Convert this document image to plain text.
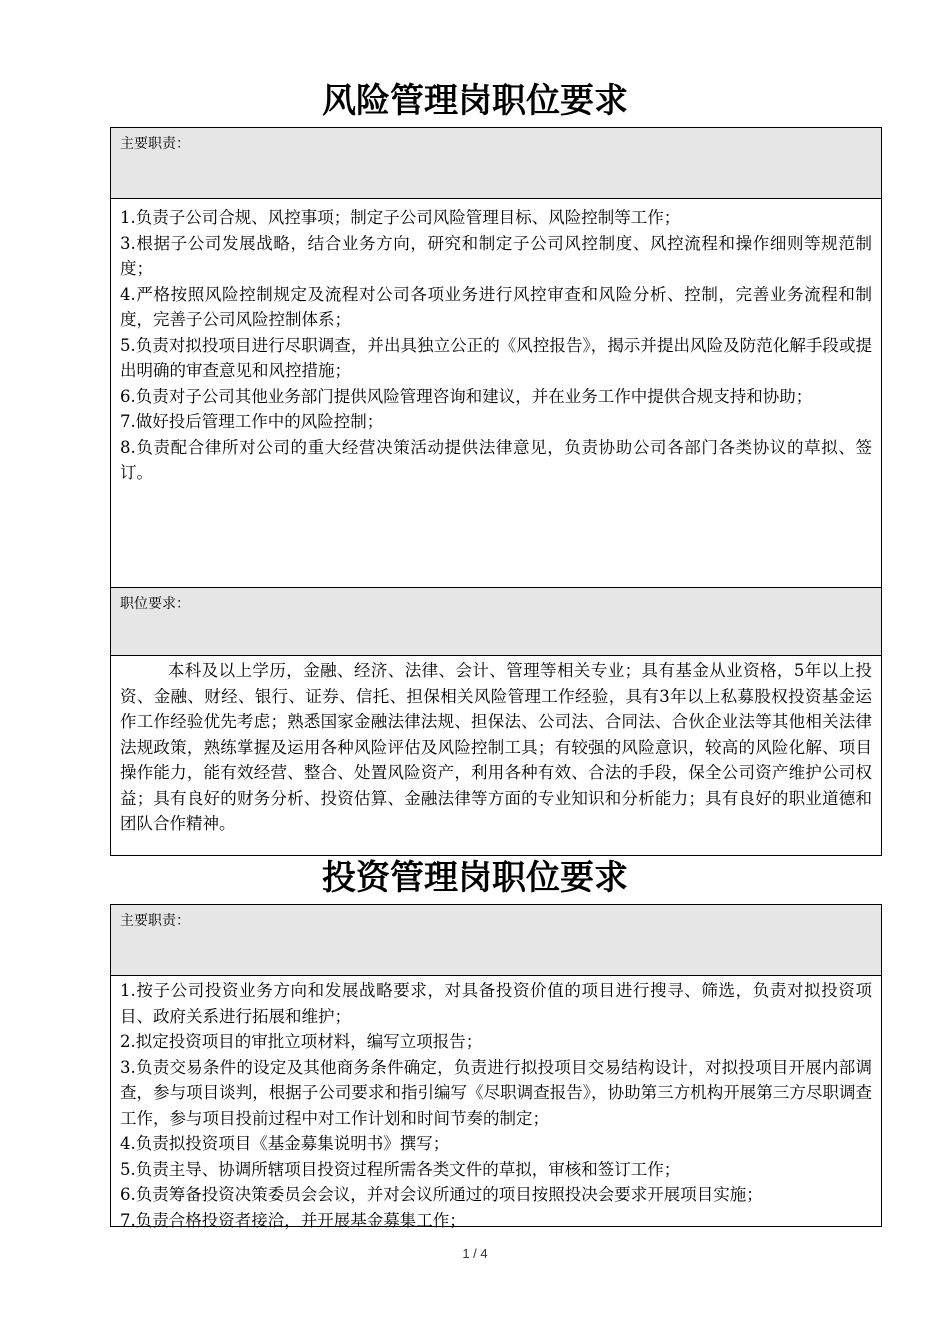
风险管理岗职位要求
主要职责：

1.负责子公司合规、风控事项；制定子公司风险管理目标、风险控制等工作；

3.根据子公司发展战略，结合业务方向，研究和制定子公司风控制度、风控流程和操作细则等规范制度；

4.严格按照风险控制规定及流程对公司各项业务进行风控审查和风险分析、控制，完善业务流程和制度，完善子公司风险控制体系；

5.负责对拟投项目进行尽职调查，并出具独立公正的《风控报告》，揭示并提出风险及防范化解手段或提出明确的审查意见和风控措施；

6.负责对子公司其他业务部门提供风险管理咨询和建议，并在业务工作中提供合规支持和协助；

7.做好投后管理工作中的风险控制；

8.负责配合律所对公司的重大经营决策活动提供法律意见，负责协助公司各部门各类协议的草拟、签订。

职位要求：

本科及以上学历，金融、经济、法律、会计、管理等相关专业；具有基金从业资格，5年以上投资、金融、财经、银行、证券、信托、担保相关风险管理工作经验，具有3年以上私募股权投资基金运作工作经验优先考虑；熟悉国家金融法律法规、担保法、公司法、合同法、合伙企业法等其他相关法律法规政策，熟练掌握及运用各种风险评估及风险控制工具；有较强的风险意识，较高的风险化解、项目操作能力，能有效经营、整合、处置风险资产，利用各种有效、合法的手段，保全公司资产维护公司权益；具有良好的财务分析、投资估算、金融法律等方面的专业知识和分析能力；具有良好的职业道德和团队合作精神。

投资管理岗职位要求
主要职责：

1.按子公司投资业务方向和发展战略要求，对具备投资价值的项目进行搜寻、筛选，负责对拟投资项目、政府关系进行拓展和维护；

2.拟定投资项目的审批立项材料，编写立项报告；

3.负责交易条件的设定及其他商务条件确定，负责进行拟投项目交易结构设计，对拟投项目开展内部调查，参与项目谈判，根据子公司要求和指引编写《尽职调查报告》，协助第三方机构开展第三方尽职调查工作，参与项目投前过程中对工作计划和时间节奏的制定；

4.负责拟投资项目《基金募集说明书》撰写；

5.负责主导、协调所辖项目投资过程所需各类文件的草拟，审核和签订工作；

6.负责筹备投资决策委员会会议，并对会议所通过的项目按照投决会要求开展项目实施；

7.负责合格投资者接洽，并开展基金募集工作；

1 / 4
